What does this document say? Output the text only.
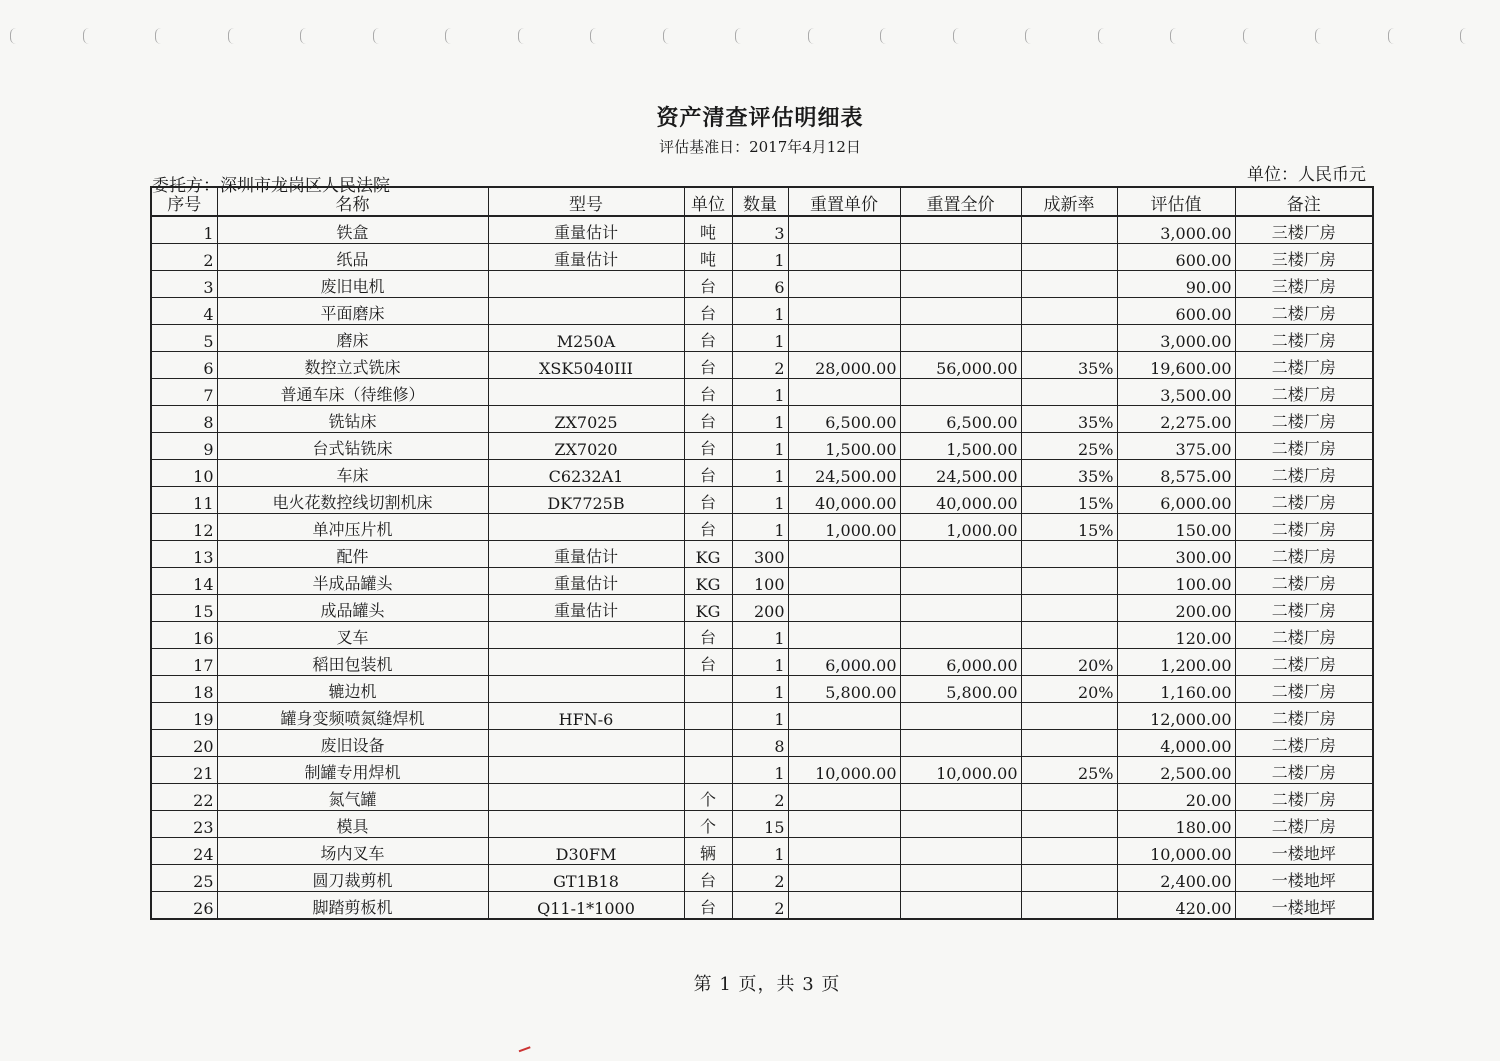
资产清查评估明细表
评估基准日：2017年4月12日
委托方：深圳市龙岗区人民法院
单位：人民币元
序号	名称	型号	单位	数量	重置单价	重置全价	成新率	评估值	备注
1	铁盒	重量估计	吨	3				3,000.00	三楼厂房
2	纸品	重量估计	吨	1				600.00	三楼厂房
3	废旧电机		台	6				90.00	三楼厂房
4	平面磨床		台	1				600.00	二楼厂房
5	磨床	M250A	台	1				3,000.00	二楼厂房
6	数控立式铣床	XSK5040III	台	2	28,000.00	56,000.00	35%	19,600.00	二楼厂房
7	普通车床（待维修）		台	1				3,500.00	二楼厂房
8	铣钻床	ZX7025	台	1	6,500.00	6,500.00	35%	2,275.00	二楼厂房
9	台式钻铣床	ZX7020	台	1	1,500.00	1,500.00	25%	375.00	二楼厂房
10	车床	C6232A1	台	1	24,500.00	24,500.00	35%	8,575.00	二楼厂房
11	电火花数控线切割机床	DK7725B	台	1	40,000.00	40,000.00	15%	6,000.00	二楼厂房
12	单冲压片机		台	1	1,000.00	1,000.00	15%	150.00	二楼厂房
13	配件	重量估计	KG	300				300.00	二楼厂房
14	半成品罐头	重量估计	KG	100				100.00	二楼厂房
15	成品罐头	重量估计	KG	200				200.00	二楼厂房
16	叉车		台	1				120.00	二楼厂房
17	稻田包装机		台	1	6,000.00	6,000.00	20%	1,200.00	二楼厂房
18	辘边机			1	5,800.00	5,800.00	20%	1,160.00	二楼厂房
19	罐身变频喷氮缝焊机	HFN-6		1				12,000.00	二楼厂房
20	废旧设备			8				4,000.00	二楼厂房
21	制罐专用焊机			1	10,000.00	10,000.00	25%	2,500.00	二楼厂房
22	氮气罐		个	2				20.00	二楼厂房
23	模具		个	15				180.00	二楼厂房
24	场内叉车	D30FM	辆	1				10,000.00	一楼地坪
25	圆刀裁剪机	GT1B18	台	2				2,400.00	一楼地坪
26	脚踏剪板机	Q11-1*1000	台	2				420.00	一楼地坪
第 1 页，共 3 页
